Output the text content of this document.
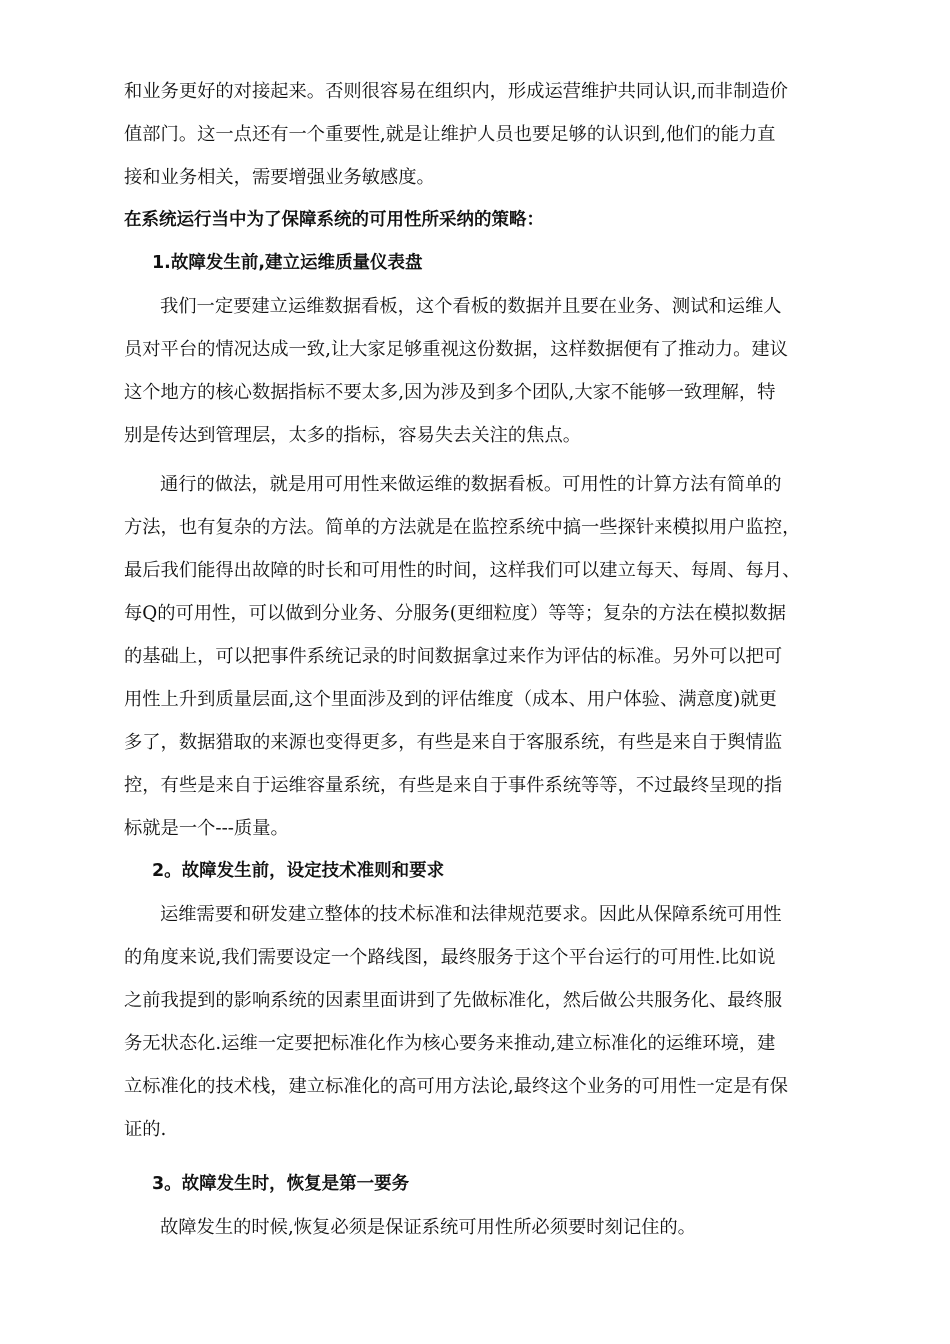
和业务更好的对接起来。否则很容易在组织内，形成运营维护共同认识,而非制造价

值部门。这一点还有一个重要性,就是让维护人员也要足够的认识到,他们的能力直

接和业务相关，需要增强业务敏感度。

在系统运行当中为了保障系统的可用性所采纳的策略：

1.故障发生前,建立运维质量仪表盘

我们一定要建立运维数据看板，这个看板的数据并且要在业务、测试和运维人

员对平台的情况达成一致,让大家足够重视这份数据，这样数据便有了推动力。建议

这个地方的核心数据指标不要太多,因为涉及到多个团队,大家不能够一致理解，特

别是传达到管理层，太多的指标，容易失去关注的焦点。

通行的做法，就是用可用性来做运维的数据看板。可用性的计算方法有简单的

方法，也有复杂的方法。简单的方法就是在监控系统中搞一些探针来模拟用户监控，

最后我们能得出故障的时长和可用性的时间，这样我们可以建立每天、每周、每月、

每Q的可用性，可以做到分业务、分服务(更细粒度）等等；复杂的方法在模拟数据

的基础上，可以把事件系统记录的时间数据拿过来作为评估的标准。另外可以把可

用性上升到质量层面,这个里面涉及到的评估维度（成本、用户体验、满意度)就更

多了，数据猎取的来源也变得更多，有些是来自于客服系统，有些是来自于舆情监

控，有些是来自于运维容量系统，有些是来自于事件系统等等，不过最终呈现的指

标就是一个---质量。

2。故障发生前，设定技术准则和要求

运维需要和研发建立整体的技术标准和法律规范要求。因此从保障系统可用性

的角度来说,我们需要设定一个路线图，最终服务于这个平台运行的可用性.比如说

之前我提到的影响系统的因素里面讲到了先做标准化，然后做公共服务化、最终服

务无状态化.运维一定要把标准化作为核心要务来推动,建立标准化的运维环境，建

立标准化的技术栈，建立标准化的高可用方法论,最终这个业务的可用性一定是有保

证的.

3。故障发生时，恢复是第一要务

故障发生的时候,恢复必须是保证系统可用性所必须要时刻记住的。
